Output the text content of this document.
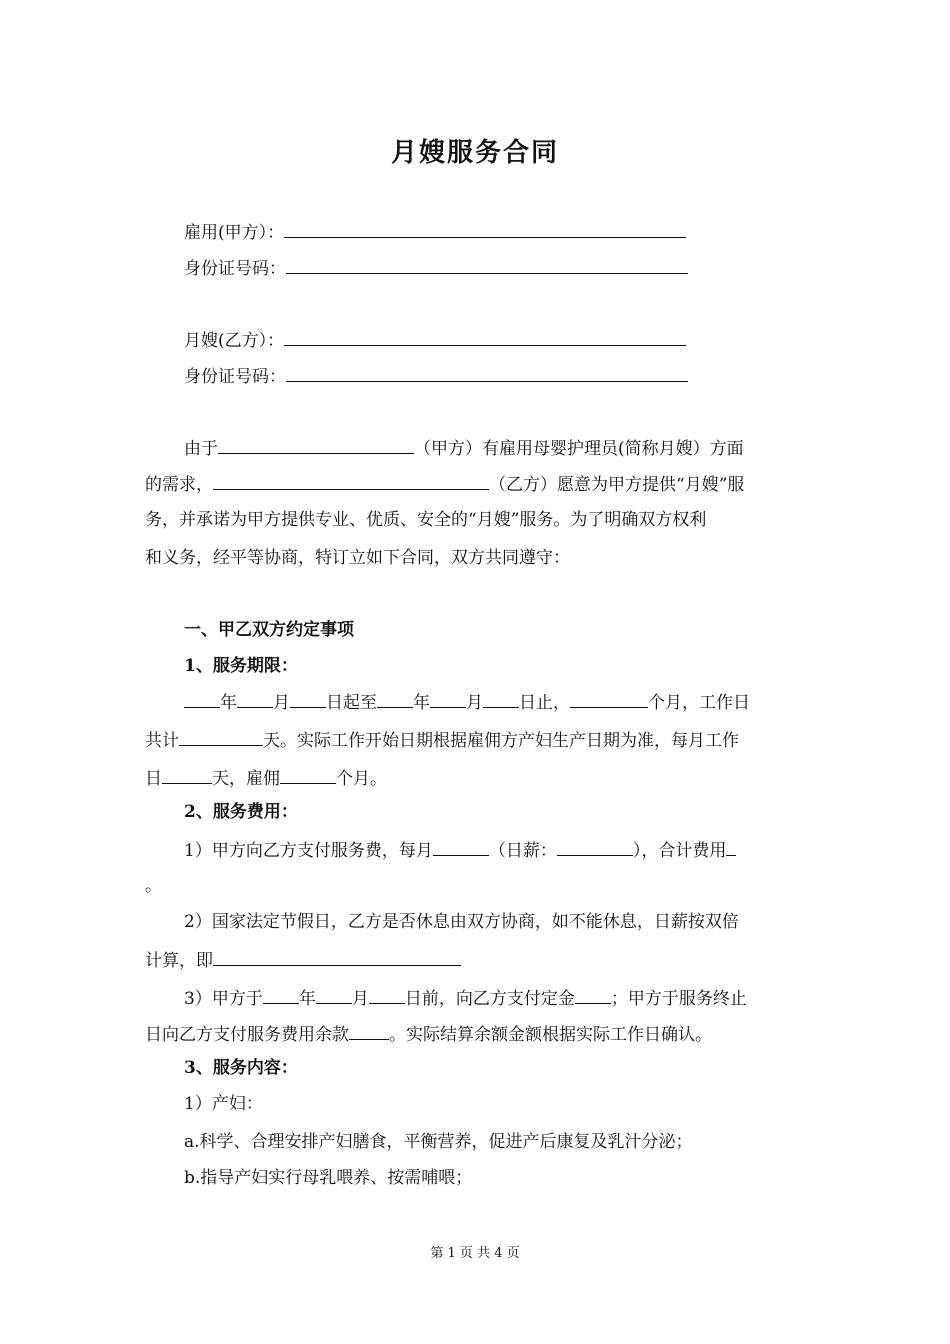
月嫂服务合同
雇用(甲方）：
身份证号码：
月嫂(乙方）：
身份证号码：
由于	（甲方）有雇用母婴护理员(简称月嫂）方面
的需求，	（乙方）愿意为甲方提供“月嫂”服
务，并承诺为甲方提供专业、优质、安全的“月嫂”服务。为了明确双方权利
和义务，经平等协商，特订立如下合同，双方共同遵守：
一、甲乙双方约定事项
1、服务期限：
年 月 日起至 年 月 日止，	个月，工作日
共计	天。实际工作开始日期根据雇佣方产妇生产日期为准，每月工作
日	天，雇佣	个月。
2、服务费用：
1）甲方向乙方支付服务费，每月	（日薪：	），合计费用
。
2）国家法定节假日，乙方是否休息由双方协商，如不能休息，日薪按双倍
计算，即
3）甲方于 年 月 日前，向乙方支付定金 ；甲方于服务终止
日向乙方支付服务费用余款 。实际结算余额金额根据实际工作日确认。
3、服务内容：
1）产妇：
a.科学、合理安排产妇膳食，平衡营养，促进产后康复及乳汁分泌；
b.指导产妇实行母乳喂养、按需哺喂；
第 1 页 共 4 页
